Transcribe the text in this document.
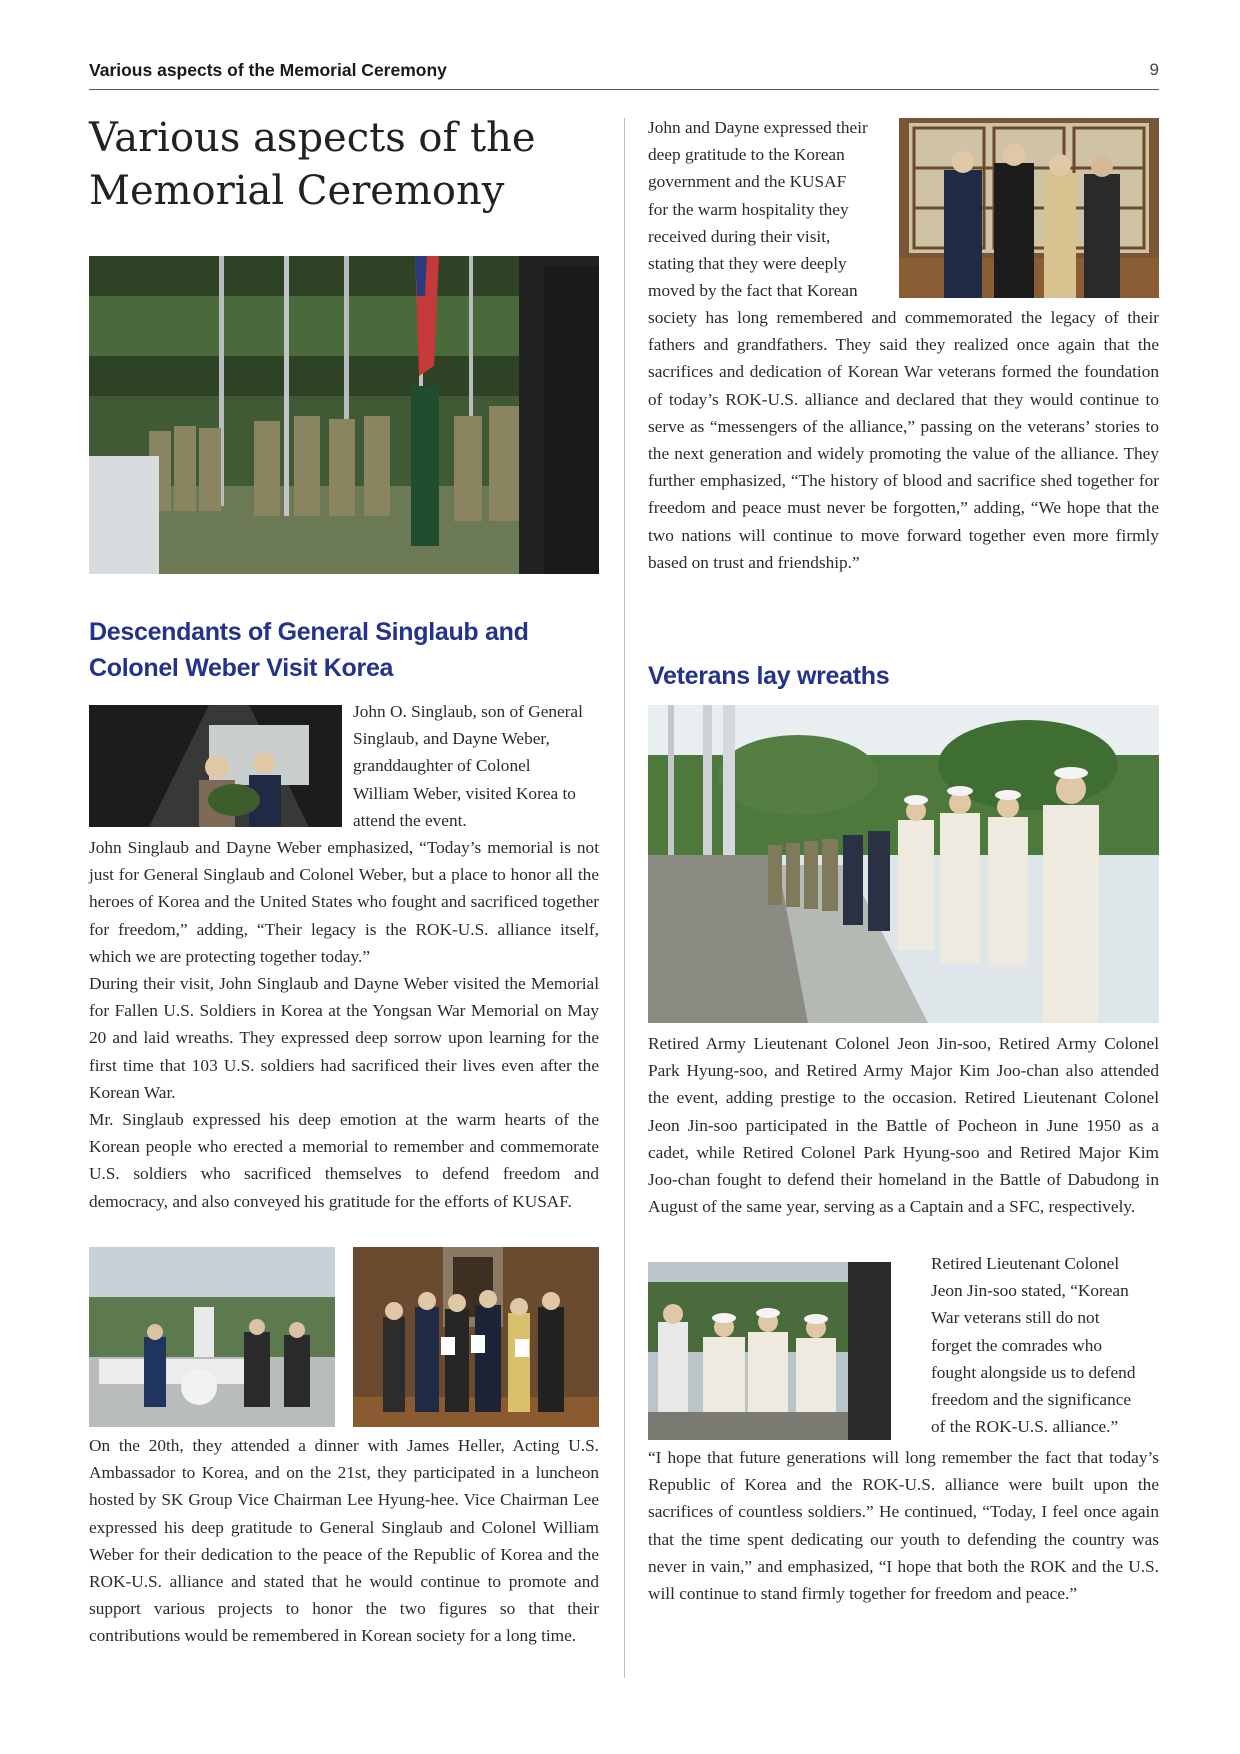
Various aspects of the Memorial Ceremony	9
Various aspects of the
Memorial Ceremony
Descendants of General Singlaub and
Colonel Weber Visit Korea
John O. Singlaub, son of General
Singlaub, and Dayne Weber,
granddaughter of Colonel
William Weber, visited Korea to
attend the event.

John Singlaub and Dayne Weber emphasized, “Today’s memorial is not just for General Singlaub and Colonel Weber, but a place to honor all the heroes of Korea and the United States who fought and sacrificed together for freedom,” adding, “Their legacy is the ROK-U.S. alliance itself, which we are protecting together today.”

During their visit, John Singlaub and Dayne Weber visited the Memorial for Fallen U.S. Soldiers in Korea at the Yongsan War Memorial on May 20 and laid wreaths. They expressed deep sorrow upon learning for the first time that 103 U.S. soldiers had sacrificed their lives even after the Korean War.

Mr. Singlaub expressed his deep emotion at the warm hearts of the Korean people who erected a memorial to remember and commemorate U.S. soldiers who sacrificed themselves to defend freedom and democracy, and also conveyed his gratitude for the efforts of KUSAF.

On the 20th, they attended a dinner with James Heller, Acting U.S. Ambassador to Korea, and on the 21st, they participated in a luncheon hosted by SK Group Vice Chairman Lee Hyung-hee. Vice Chairman Lee expressed his deep gratitude to General Singlaub and Colonel William Weber for their dedication to the peace of the Republic of Korea and the ROK-U.S. alliance and stated that he would continue to promote and support various projects to honor the two figures so that their contributions would be remembered in Korean society for a long time.

John and Dayne expressed their
deep gratitude to the Korean
government and the KUSAF
for the warm hospitality they
received during their visit,
stating that they were deeply
moved by the fact that Korean

society has long remembered and commemorated the legacy of their fathers and grandfathers. They said they realized once again that the sacrifices and dedication of Korean War veterans formed the foundation of today’s ROK-U.S. alliance and declared that they would continue to serve as “messengers of the alliance,” passing on the veterans’ stories to the next generation and widely promoting the value of the alliance. They further emphasized, “The history of blood and sacrifice shed together for freedom and peace must never be forgotten,” adding, “We hope that the two nations will continue to move forward together even more firmly based on trust and friendship.”

Veterans lay wreaths

Retired Army Lieutenant Colonel Jeon Jin-soo, Retired Army Colonel Park Hyung-soo, and Retired Army Major Kim Joo-chan also attended the event, adding prestige to the occasion. Retired Lieutenant Colonel Jeon Jin-soo participated in the Battle of Pocheon in June 1950 as a cadet, while Retired Colonel Park Hyung-soo and Retired Major Kim Joo-chan fought to defend their homeland in the Battle of Dabudong in August of the same year, serving as a Captain and a SFC, respectively.

Retired Lieutenant Colonel
Jeon Jin-soo stated, “Korean
War veterans still do not
forget the comrades who
fought alongside us to defend
freedom and the significance
of the ROK-U.S. alliance.”

“I hope that future generations will long remember the fact that today’s Republic of Korea and the ROK-U.S. alliance were built upon the sacrifices of countless soldiers.” He continued, “Today, I feel once again that the time spent dedicating our youth to defending the country was never in vain,” and emphasized, “I hope that both the ROK and the U.S. will continue to stand firmly together for freedom and peace.”
